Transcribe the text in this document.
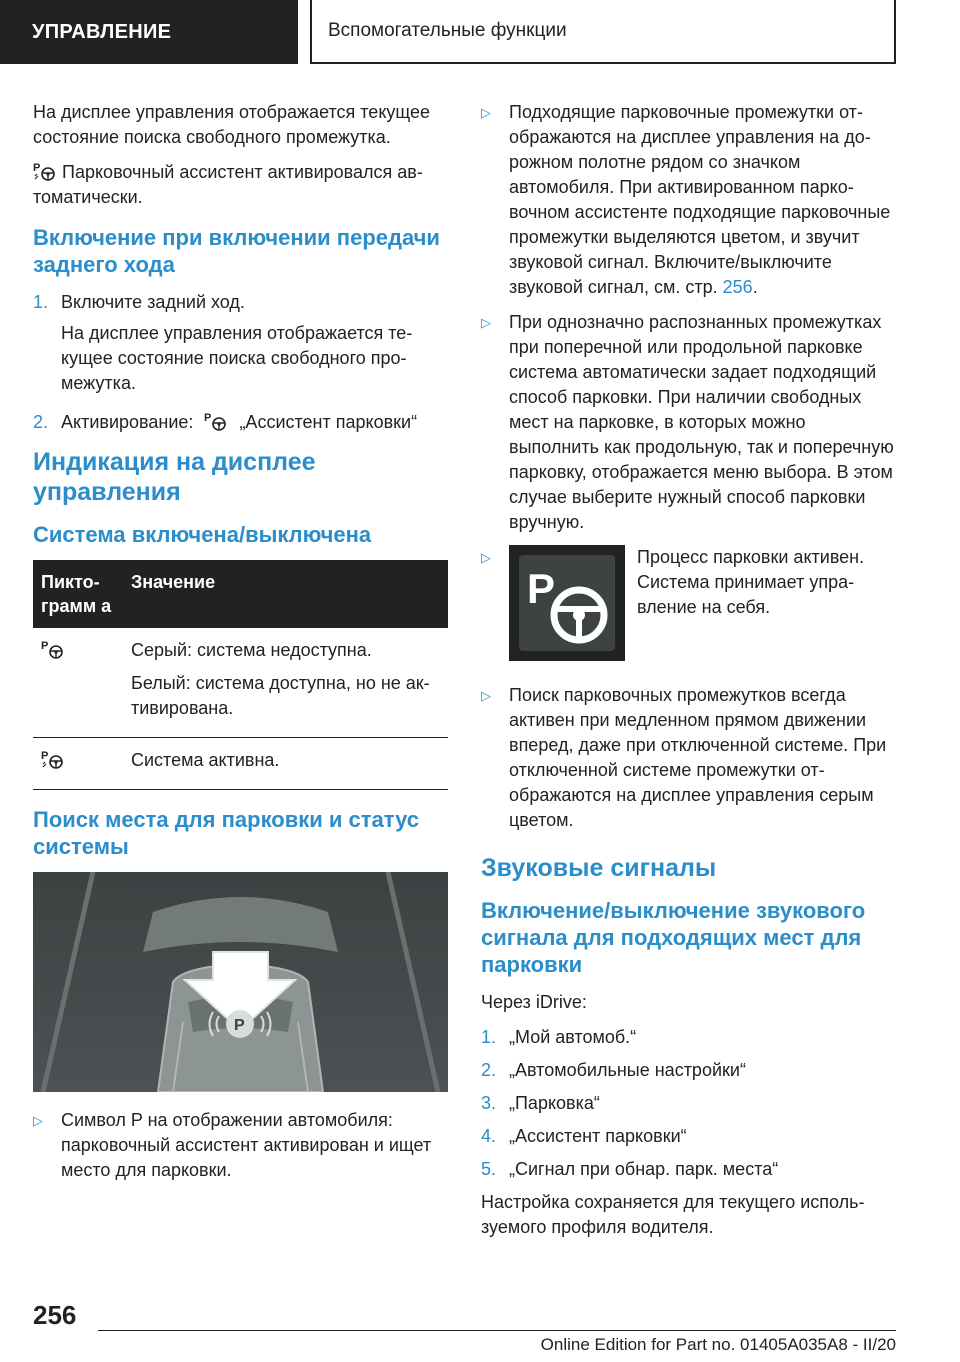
УПРАВЛЕНИЕ	Вспомогательные функции

На дисплее управления отображается текущее состояние поиска свободного промежутка.

P Парковочный ассистент активировался автоматически.

Включение при включении передачи заднего хода
1. Включите задний ход.

На дисплее управления отображается текущее состояние поиска свободного промежутка.

2. Активирование: P „Ассистент парковки“
Индикация на дисплее управления
Система включена/выключена
Пиктограмм а	Значение

P	Серый: система недоступна.

Белый: система доступна, но не активирована.

P	Система активна.

Поиск места для парковки и статус системы
P
▷	Символ P на отображении автомобиля: парковочный ассистент активирован и ищет место для парковки.
▷	Подходящие парковочные промежутки отображаются на дисплее управления на дорожном полотне рядом со значком автомобиля. При активированном парковочном ассистенте подходящие парковочные промежутки выделяются цветом, и звучит звуковой сигнал. Включите/выключите звуковой сигнал, см. стр. 256.
▷	При однозначно распознанных промежутках при поперечной или продольной парковке система автоматически задает подходящий способ парковки. При наличии свободных мест на парковке, в которых можно выполнить как продольную, так и поперечную парковку, отображается меню выбора. В этом случае выберите нужный способ парковки вручную.
▷
P
Процесс парковки активен. Система принимает управление на себя.
▷	Поиск парковочных промежутков всегда активен при медленном прямом движении вперед, даже при отключенной системе. При отключенной системе промежутки отображаются на дисплее управления серым цветом.
Звуковые сигналы
Включение/выключение звукового сигнала для подходящих мест для парковки

Через iDrive:

1. „Мой автомоб.“
2. „Автомобильные настройки“
3. „Парковка“
4. „Ассистент парковки“
5. „Сигнал при обнар. парк. места“

Настройка сохраняется для текущего используемого профиля водителя.

256
Online Edition for Part no. 01405A035A8 - II/20
